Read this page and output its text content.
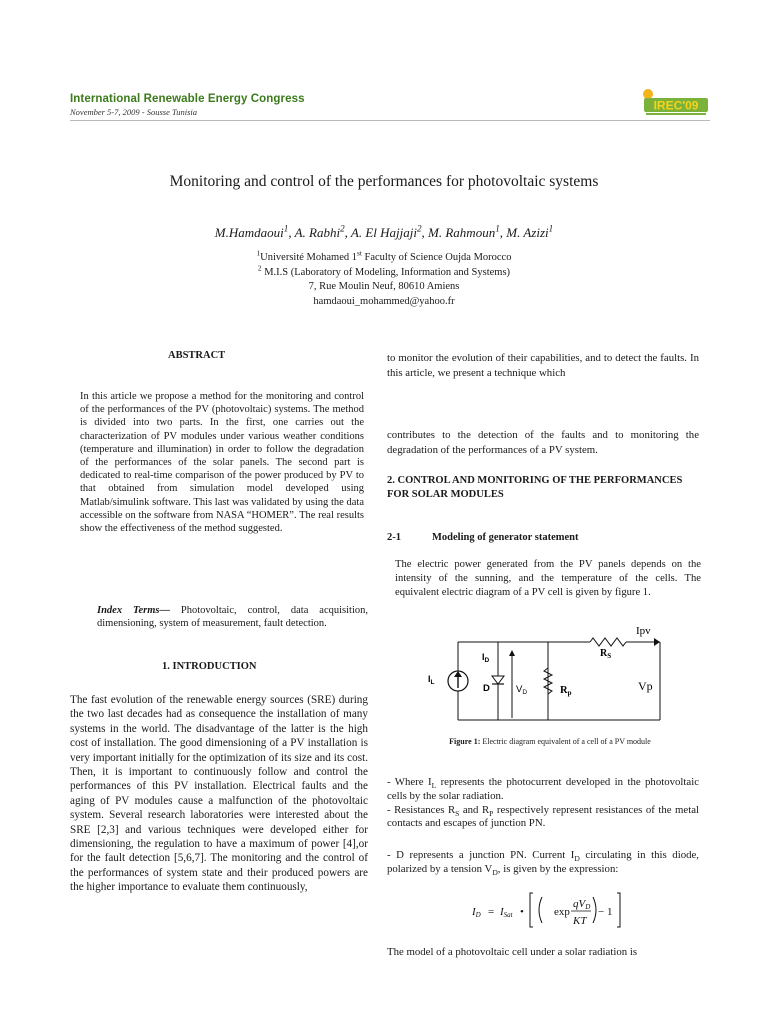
International Renewable Energy Congress
November 5-7, 2009 - Sousse Tunisia	IREC'09
Monitoring and control of the performances for photovoltaic systems
M.Hamdaoui$^1$, A. Rabhi$^2$, A. El Hajjaji$^2$, M. Rahmoun$^1$, M. Azizi$^1$
$^1$Université Mohamed 1st Faculty of Science Oujda Morocco
$^2$ M.I.S (Laboratory of Modeling, Information and Systems)
7, Rue Moulin Neuf, 80610 Amiens
hamdaoui_mohammed@yahoo.fr
ABSTRACT

In this article we propose a method for the monitoring and control of the performances of the PV (photovoltaic) systems. The method is divided into two parts. In the first, one carries out the characterization of PV modules under various weather conditions (temperature and illumination) in order to follow the degradation of the performances of the solar panels. The second part is dedicated to real-time comparison of the power produced by PV to that obtained from simulation model developed using Matlab/simulink software. This last was validated by using the data accessible on the software from NASA “HOMER”. The real results show the effectiveness of the method suggested.

Index Terms— Photovoltaic, control, data acquisition, dimensioning, system of measurement, fault detection.

1. INTRODUCTION

The fast evolution of the renewable energy sources (SRE) during the two last decades had as consequence the installation of many systems in the world. The disadvantage of the latter is the high cost of installation. The good dimensioning of a PV installation is very important initially for the optimization of its size and its cost. Then, it is important to continuously follow and control the performances of this PV installation. Electrical faults and the aging of PV modules cause a malfunction of the photovoltaic system. Several research laboratories were interested about the SRE [2,3] and various techniques were developed either for dimensioning, the regulation to have a maximum of power [4],or for the fault detection [5,6,7]. The monitoring and the control of the performances of system state and their produced powers are the higher importance to evaluate them continuously,

to monitor the evolution of their capabilities, and to detect the faults. In this article, we present a technique which

contributes to the detection of the faults and to monitoring the degradation of the performances of a PV system.

2. CONTROL AND MONITORING OF THE PERFORMANCES FOR SOLAR MODULES
2-1	Modeling of generator statement

The electric power generated from the PV panels depends on the intensity of the sunning, and the temperature of the cells. The equivalent electric diagram of a PV cell is given by figure 1.

Ipv
$R_S$
$I_D$
$I_L$
D	$V_D$	Rp	Vp
Figure 1: Electric diagram equivalent of a cell of a PV module

- Where $I_L$ represents the photocurrent developed in the photovoltaic cells by the solar radiation.

- Resistances $R_S$ and $R_P$ respectively represent resistances of the metal contacts and escapes of junction PN.

- D represents a junction PN. Current $I_D$ circulating in this diode, polarized by a tension $V_D$, is given by the expression:

ID = ISat •	exp
qVD
KT
− 1

The model of a photovoltaic cell under a solar radiation is
